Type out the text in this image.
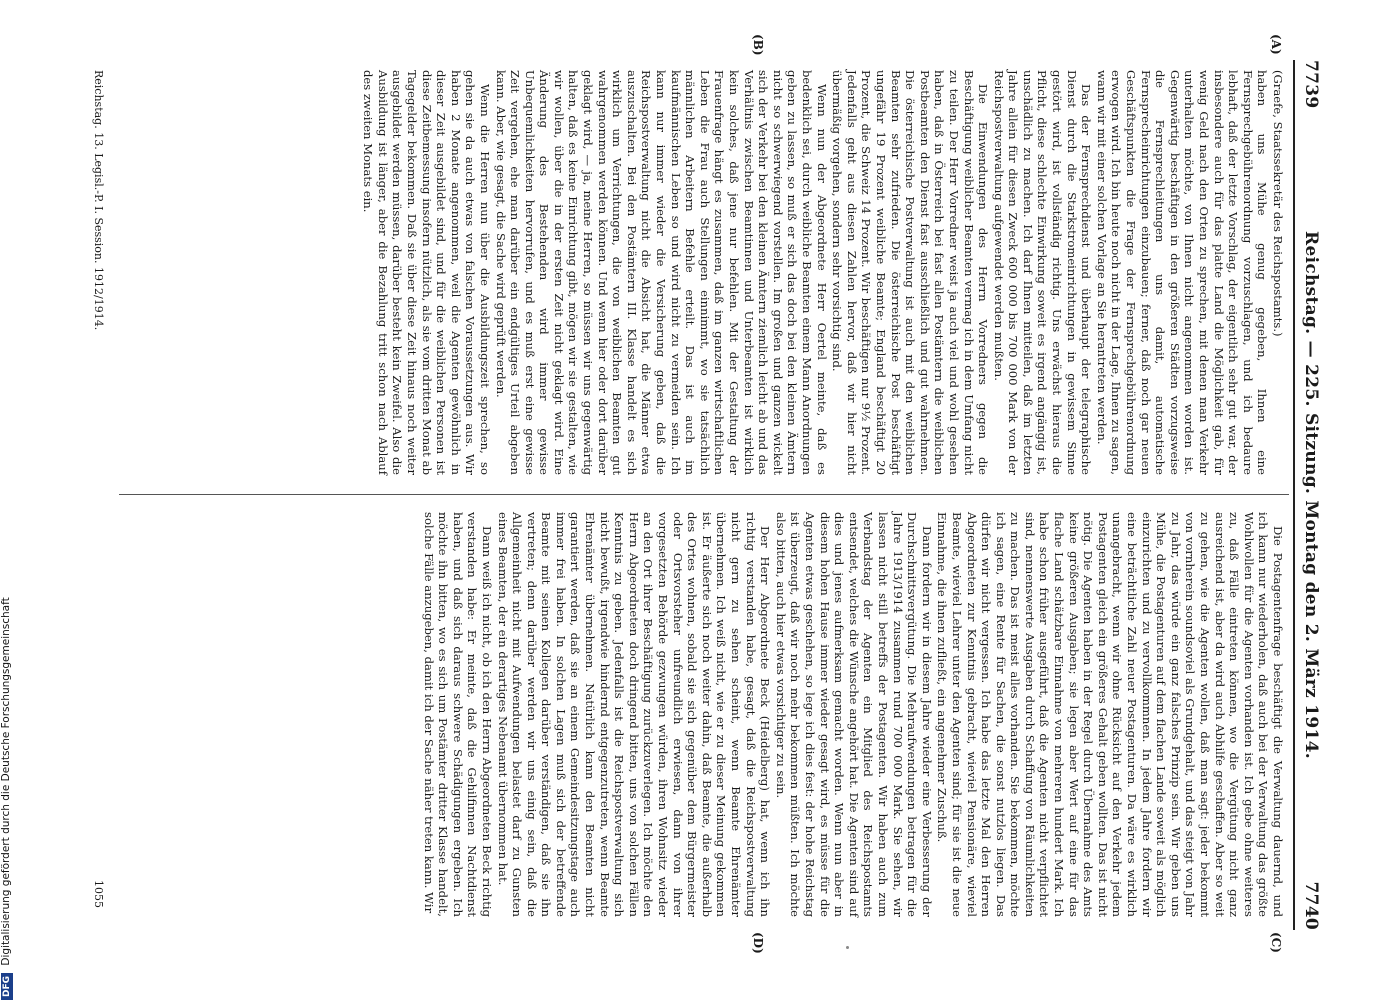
7739
Reichstag. — 225. Sitzung. Montag den 2. März 1914.
7740
(A)
(B)
(C)
(D)

(Graefe, Staatssekretär des Reichspostamts.)

haben uns Mühe genug gegeben, Ihnen eine Fernsprechgebührenordnung vorzuschlagen, und ich bedaure lebhaft, daß der letzte Vorschlag, der eigentlich sehr gut war, der insbesondere auch für das platte Land die Möglichkeit gab, für wenig Geld nach den Orten zu sprechen, mit denen man Verkehr unterhalten möchte, von Ihnen nicht angenommen worden ist. Gegenwärtig beschäftigen in den größeren Städten vorzugsweise die Fernsprechleitungen uns damit, automatische Fernsprecheinrichtungen einzubauen; ferner, daß noch gar neuen Geschäftspunkten die Frage der Fernsprechgebührenordnung erwogen wird. Ich bin heute noch nicht in der Lage, Ihnen zu sagen, wann wir mit einer solchen Vorlage an Sie herantreten werden.

Das der Fernsprechdienst und überhaupt der telegraphische Dienst durch die Starkstromeinrichtungen in gewissem Sinne gestört wird, ist vollständig richtig. Uns erwächst hieraus die Pflicht, diese schlechte Einwirkung soweit es irgend angängig ist, unschädlich zu machen. Ich darf Ihnen mitteilen, daß im letzten Jahre allein für diesen Zweck 600 000 bis 700 000 Mark von der Reichspostverwaltung aufgewendet werden mußten.

Die Einwendungen des Herrn Vorredners gegen die Beschäftigung weiblicher Beamten vermag ich in dem Umfang nicht zu teilen. Der Herr Vorredner weist ja auch viel und wohl gesehen haben, daß in Österreich bei fast allen Postämtern die weiblichen Postbeamten den Dienst fast ausschließlich und gut wahrnehmen. Die österreichische Postverwaltung ist auch mit den weiblichen Beamten sehr zufrieden. Die österreichische Post beschäftigt ungefähr 19 Prozent weibliche Beamte; England beschäftigt 20 Prozent, die Schweiz 14 Prozent. Wir beschäftigen nur 9½ Prozent. Jedenfalls geht aus diesen Zahlen hervor, daß wir hier nicht übermäßig vorgehen, sondern sehr vorsichtig sind.

Wenn nun der Abgeordnete Herr Oertel meinte, daß es bedenklich sei, durch weibliche Beamten einem Mann Anordnungen geben zu lassen, so muß er sich das doch bei den kleinen Ämtern nicht so schwerwiegend vorstellen. Im großen und ganzen wickelt sich der Verkehr bei den kleinen Ämtern ziemlich leicht ab und das Verhältnis zwischen Beamtinnen und Unterbeamten ist wirklich kein solches, daß jene nur befehlen. Mit der Gestaltung der Frauenfrage hängt es zusammen, daß im ganzen wirtschaftlichen Leben die Frau auch Stellungen einnimmt, wo sie tatsächlich männlichen Arbeitern Befehle erteilt. Das ist auch im kaufmännischen Leben so und wird nicht zu vermeiden sein. Ich kann nur immer wieder die Versicherung geben, daß die Reichspostverwaltung nicht die Absicht hat, die Männer etwa auszuschalten. Bei den Postämtern III. Klasse handelt es sich wirklich um Verrichtungen, die von weiblichen Beamten gut wahrgenommen werden können. Und wenn hier oder dort darüber geklagt wird, — ja, meine Herren, so müssen wir uns gegenwärtig halten, daß es keine Einrichtung gibt, mögen wir sie gestalten, wie wir wollen, über die in der ersten Zeit nicht geklagt wird. Eine Änderung des Bestehenden wird immer gewisse Unbequemlichkeiten hervorrufen, und es muß erst eine gewisse Zeit vergehen, ehe man darüber ein endgültiges Urteil abgeben kann. Aber, wie gesagt, die Sache wird geprüft werden.

Wenn die Herren nun über die Ausbildungszeit sprechen, so gehen sie da auch etwas von falschen Voraussetzungen aus. Wir haben 2 Monate angenommen, weil die Agenten gewöhnlich in dieser Zeit ausgebildet sind, und für die weiblichen Personen ist diese Zeitbemessung insofern nützlich, als sie vom dritten Monat ab Tagegelder bekommen. Daß sie über diese Zeit hinaus noch weiter ausgebildet werden müssen, darüber besteht kein Zweifel. Also die Ausbildung ist länger, aber die Bezahlung tritt schon nach Ablauf des zweiten Monats ein.

Die Postagentenfrage beschäftigt die Verwaltung dauernd, und ich kann nur wiederholen, daß auch bei der Verwaltung das größte Wohlwollen für die Agenten vorhanden ist. Ich gebe ohne weiteres zu, daß Fälle eintreten können, wo die Vergütung nicht ganz ausreichend ist, aber da wird auch Abhilfe geschaffen. Aber so weit zu gehen, wie die Agenten wollen, daß man sagt: jeder bekommt von vornherein soundsoviel als Grundgehalt, und das steigt von Jahr zu Jahr, das würde ein ganz falsches Prinzip sein. Wir geben uns Mühe, die Postagenturen auf dem flachen Lande soweit als möglich einzurichten und zu vervollkommnen. In jedem Jahre fordern wir eine beträchtliche Zahl neuer Postagenturen. Da wäre es wirklich unangebracht, wenn wir ohne Rücksicht auf den Verkehr jedem Postagenten gleich ein größeres Gehalt geben wollten. Das ist nicht nötig. Die Agenten haben in der Regel durch Übernahme des Amts keine größeren Ausgaben; sie legen aber Wert auf eine für das flache Land schätzbare Einnahme von mehreren hundert Mark. Ich habe schon früher ausgeführt, daß die Agenten nicht verpflichtet sind, nennenswerte Ausgaben durch Schaffung von Räumlichkeiten zu machen. Das ist meist alles vorhanden. Sie bekommen, möchte ich sagen, eine Rente für Sachen, die sonst nutzlos liegen. Das dürfen wir nicht vergessen. Ich habe das letzte Mal den Herren Abgeordneten zur Kenntnis gebracht, wieviel Pensionäre, wieviel Beamte, wieviel Lehrer unter den Agenten sind; für sie ist die neue Einnahme, die ihnen zufließt, ein angenehmer Zuschuß.

Dann fordern wir in diesem Jahre wieder eine Verbesserung der Durchschnittsvergütung. Die Mehraufwendungen betragen für die Jahre 1913/1914 zusammen rund 700 000 Mark. Sie sehen, wir lassen nicht still betreffs der Postagenten. Wir haben auch zum Verbandstag der Agenten ein Mitglied des Reichspostamts entsendet, welches die Wünsche angehört hat. Die Agenten sind auf dies und jenes aufmerksam gemacht worden. Wenn nun aber in diesem hohen Hause immer wieder gesagt wird, es müsse für die Agenten etwas geschehen, so lege ich dies fest: der hohe Reichstag ist überzeugt, daß wir noch mehr bekommen müßten. Ich möchte also bitten, auch hier etwas vorsichtiger zu sein.

Der Herr Abgeordnete Beck (Heidelberg) hat, wenn ich ihn richtig verstanden habe, gesagt, daß die Reichspostverwaltung nicht gern zu sehen scheint, wenn Beamte Ehrenämter übernehmen. Ich weiß nicht, wie er zu dieser Meinung gekommen ist. Er äußerte sich noch weiter dahin, daß Beamte, die außerhalb des Ortes wohnen, sobald sie sich gegenüber dem Bürgermeister oder Ortsvorsteher unfreundlich erwiesen, dann von ihrer vorgesetzten Behörde gezwungen würden, ihren Wohnsitz wieder an den Ort ihrer Beschäftigung zurückzuverlegen. Ich möchte den Herrn Abgeordneten doch dringend bitten, uns von solchen Fällen Kenntnis zu geben. Jedenfalls ist die Reichspostverwaltung sich nicht bewußt, irgendwie hindernd entgegenzutreten, wenn Beamte Ehrenämter übernehmen. Natürlich kann den Beamten nicht garantiert werden, daß sie an einem Gemeindesitzungstage auch immer frei haben. In solchen Lagen muß sich der betreffende Beamte mit seinen Kollegen darüber verständigen, daß sie ihn vertreten; denn darüber werden wir uns einig sein, daß die Allgemeinheit nicht mit Aufwendungen belastet darf zu Gunsten eines Beamten, der ein derartiges Nebenamt übernommen hat.

Dann weiß ich nicht, ob ich den Herrn Abgeordneten Beck richtig verstanden habe: Er meinte, daß die Gehilfinnen Nachtdienst haben, und daß sich daraus schwere Schädigungen ergeben. Ich möchte ihn bitten, wo es sich um Postämter dritter Klasse handelt, solche Fälle anzugeben, damit ich der Sache näher treten kann. Wir

Reichstag. 13. Legisl.-P. I. Session. 1912/1914.
1055
DFG Digitalisierung gefördert durch die Deutsche Forschungsgemeinschaft
